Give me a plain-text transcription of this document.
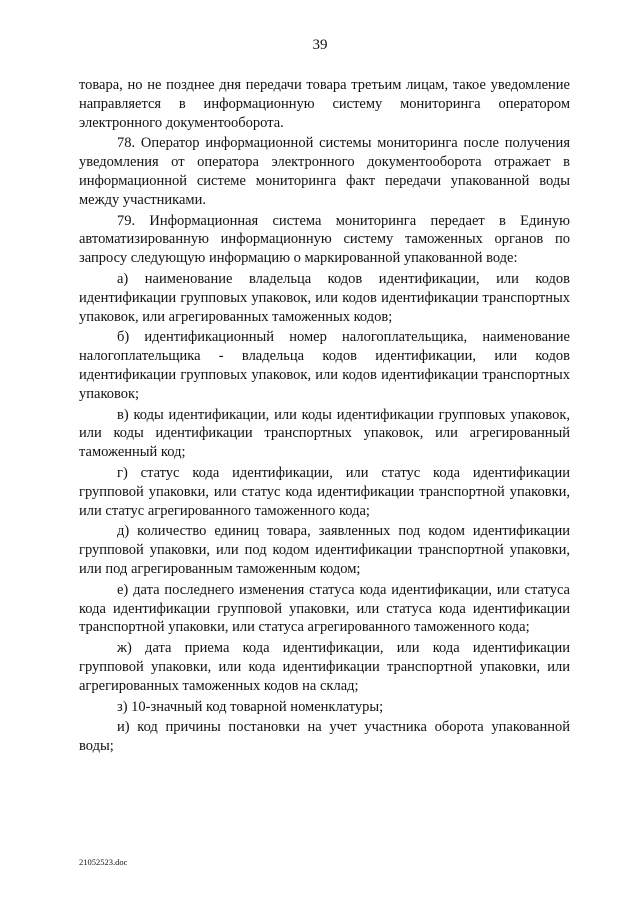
39

товара, но не позднее дня передачи товара третьим лицам, такое уведомление направляется в информационную систему мониторинга оператором электронного документооборота.

78. Оператор информационной системы мониторинга после получения уведомления от оператора электронного документооборота отражает в информационной системе мониторинга факт передачи упакованной воды между участниками.

79. Информационная система мониторинга передает в Единую автоматизированную информационную систему таможенных органов по запросу следующую информацию о маркированной упакованной воде:

а) наименование владельца кодов идентификации, или кодов идентификации групповых упаковок, или кодов идентификации транспортных упаковок, или агрегированных таможенных кодов;

б) идентификационный номер налогоплательщика, наименование налогоплательщика - владельца кодов идентификации, или кодов идентификации групповых упаковок, или кодов идентификации транспортных упаковок;

в) коды идентификации, или коды идентификации групповых упаковок, или коды идентификации транспортных упаковок, или агрегированный таможенный код;

г) статус кода идентификации, или статус кода идентификации групповой упаковки, или статус кода идентификации транспортной упаковки, или статус агрегированного таможенного кода;

д) количество единиц товара, заявленных под кодом идентификации групповой упаковки, или под кодом идентификации транспортной упаковки, или под агрегированным таможенным кодом;

е) дата последнего изменения статуса кода идентификации, или статуса кода идентификации групповой упаковки, или статуса кода идентификации транспортной упаковки, или статуса агрегированного таможенного кода;

ж) дата приема кода идентификации, или кода идентификации групповой упаковки, или кода идентификации транспортной упаковки, или агрегированных таможенных кодов на склад;

з) 10-значный код товарной номенклатуры;

и) код причины постановки на учет участника оборота упакованной воды;

21052523.doc
